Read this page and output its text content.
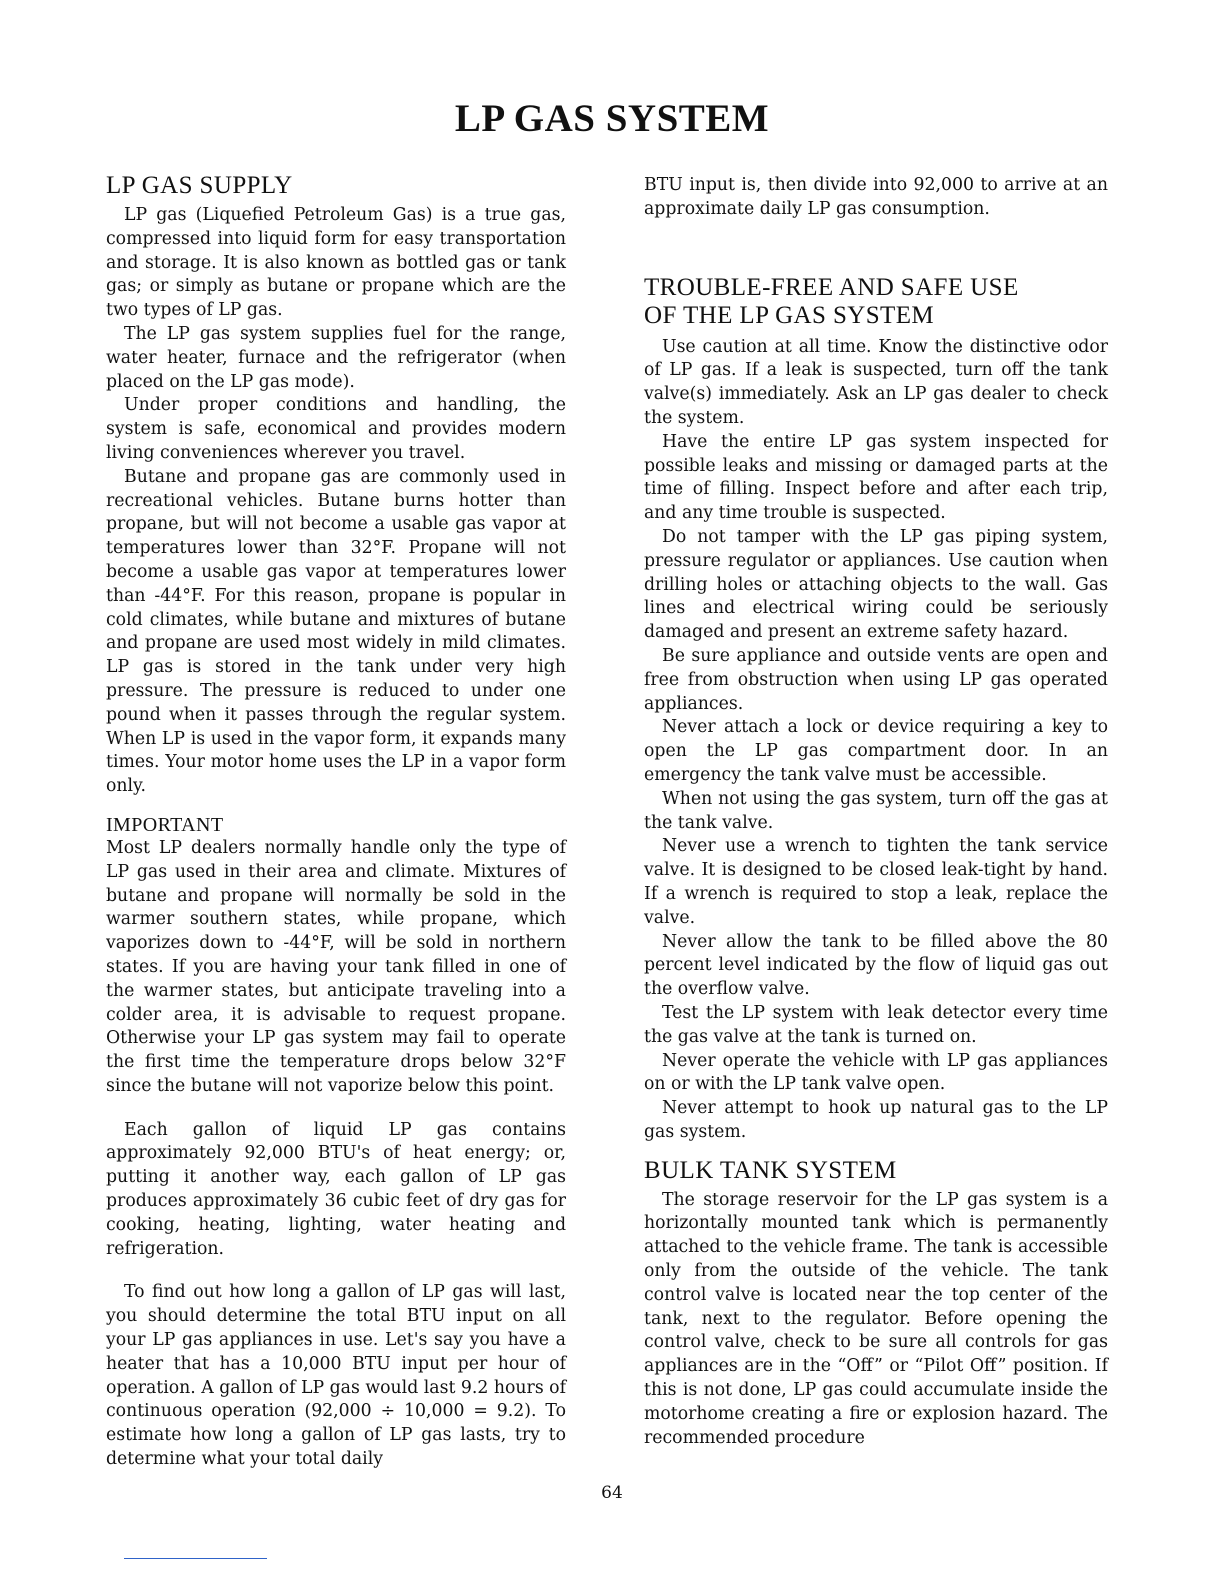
LP GAS SYSTEM
LP GAS SUPPLY

LP gas (Liquefied Petroleum Gas) is a true gas, compressed into liquid form for easy transportation and storage. It is also known as bottled gas or tank gas; or simply as butane or propane which are the two types of LP gas.

The LP gas system supplies fuel for the range, water heater, furnace and the refrigerator (when placed on the LP gas mode).

Under proper conditions and handling, the system is safe, economical and provides modern living conveniences wherever you travel.

Butane and propane gas are commonly used in recreational vehicles. Butane burns hotter than propane, but will not become a usable gas vapor at temperatures lower than 32°F. Propane will not become a usable gas vapor at temperatures lower than -44°F. For this reason, propane is popular in cold climates, while butane and mixtures of butane and propane are used most widely in mild climates. LP gas is stored in the tank under very high pressure. The pressure is reduced to under one pound when it passes through the regular system. When LP is used in the vapor form, it expands many times. Your motor home uses the LP in a vapor form only.

IMPORTANT

Most LP dealers normally handle only the type of LP gas used in their area and climate. Mixtures of butane and propane will normally be sold in the warmer southern states, while propane, which vaporizes down to -44°F, will be sold in northern states. If you are having your tank filled in one of the warmer states, but anticipate traveling into a colder area, it is advisable to request propane. Otherwise your LP gas system may fail to operate the first time the temperature drops below 32°F since the butane will not vaporize below this point.

Each gallon of liquid LP gas contains approximately 92,000 BTU's of heat energy; or, putting it another way, each gallon of LP gas produces approximately 36 cubic feet of dry gas for cooking, heating, lighting, water heating and refrigeration.

To find out how long a gallon of LP gas will last, you should determine the total BTU input on all your LP gas appliances in use. Let's say you have a heater that has a 10,000 BTU input per hour of operation. A gallon of LP gas would last 9.2 hours of continuous operation (92,000 ÷ 10,000 = 9.2). To estimate how long a gallon of LP gas lasts, try to determine what your total daily

BTU input is, then divide into 92,000 to arrive at an approximate daily LP gas consumption.

TROUBLE-FREE AND SAFE USE
OF THE LP GAS SYSTEM

Use caution at all time. Know the distinctive odor of LP gas. If a leak is suspected, turn off the tank valve(s) immediately. Ask an LP gas dealer to check the system.

Have the entire LP gas system inspected for possible leaks and missing or damaged parts at the time of filling. Inspect before and after each trip, and any time trouble is suspected.

Do not tamper with the LP gas piping system, pressure regulator or appliances. Use caution when drilling holes or attaching objects to the wall. Gas lines and electrical wiring could be seriously damaged and present an extreme safety hazard.

Be sure appliance and outside vents are open and free from obstruction when using LP gas operated appliances.

Never attach a lock or device requiring a key to open the LP gas compartment door. In an emergency the tank valve must be accessible.

When not using the gas system, turn off the gas at the tank valve.

Never use a wrench to tighten the tank service valve. It is designed to be closed leak-tight by hand. If a wrench is required to stop a leak, replace the valve.

Never allow the tank to be filled above the 80 percent level indicated by the flow of liquid gas out the overflow valve.

Test the LP system with leak detector every time the gas valve at the tank is turned on.

Never operate the vehicle with LP gas appliances on or with the LP tank valve open.

Never attempt to hook up natural gas to the LP gas system.

BULK TANK SYSTEM

The storage reservoir for the LP gas system is a horizontally mounted tank which is permanently attached to the vehicle frame. The tank is accessible only from the outside of the vehicle. The tank control valve is located near the top center of the tank, next to the regulator. Before opening the control valve, check to be sure all controls for gas appliances are in the “Off” or “Pilot Off” position. If this is not done, LP gas could accumulate inside the motorhome creating a fire or explosion hazard. The recommended procedure

64
